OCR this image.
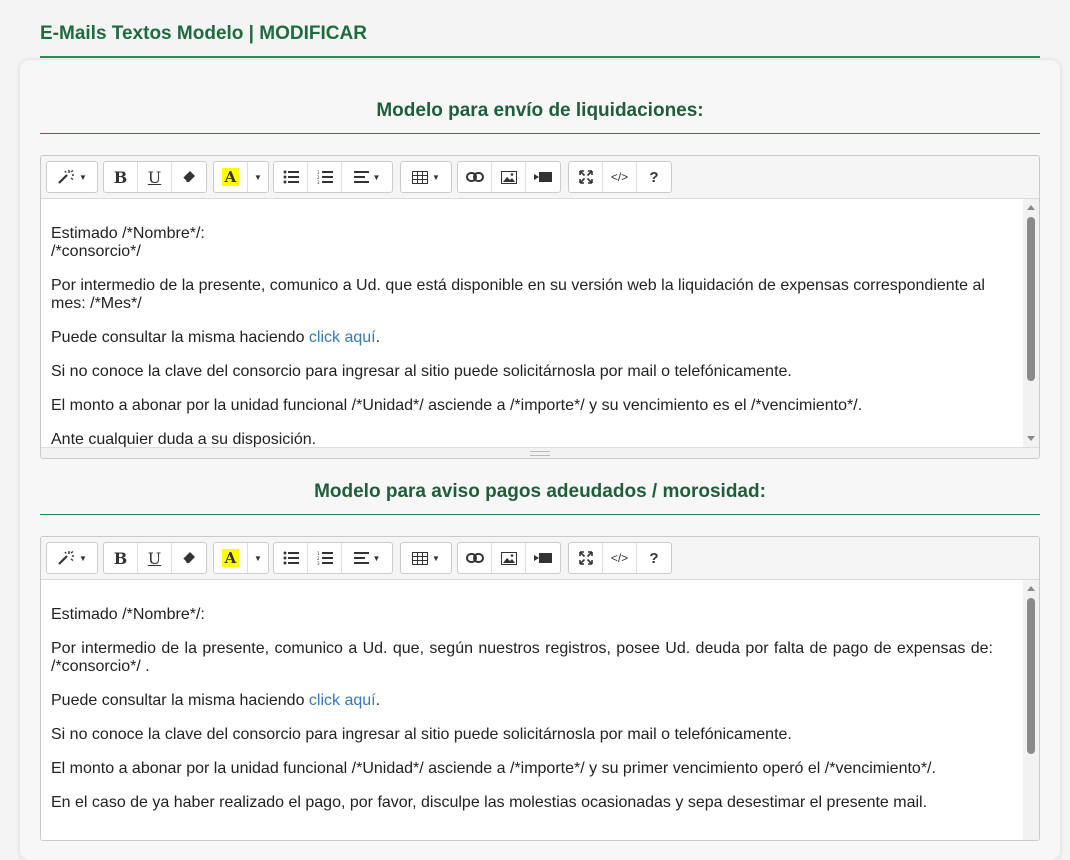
E-Mails Textos Modelo | MODIFICAR
Modelo para envío de liquidaciones:
▼ B U	A	▼	1
2
3
▼	▼	</> ?

Estimado /*Nombre*/:
/*consorcio*/

Por intermedio de la presente, comunico a Ud. que está disponible en su versión web la liquidación de expensas correspondiente al mes: /*Mes*/

Puede consultar la misma haciendo click aquí.

Si no conoce la clave del consorcio para ingresar al sitio puede solicitárnosla por mail o telefónicamente.

El monto a abonar por la unidad funcional /*Unidad*/ asciende a /*importe*/ y su vencimiento es el /*vencimiento*/.

Ante cualquier duda a su disposición.

Modelo para aviso pagos adeudados / morosidad:
▼ B U	A	▼	1
2
3
▼	▼	</> ?

Estimado /*Nombre*/:

Por intermedio de la presente, comunico a Ud. que, según nuestros registros, posee Ud. deuda por falta de pago de expensas de: /*consorcio*/ .

Puede consultar la misma haciendo click aquí.

Si no conoce la clave del consorcio para ingresar al sitio puede solicitárnosla por mail o telefónicamente.

El monto a abonar por la unidad funcional /*Unidad*/ asciende a /*importe*/ y su primer vencimiento operó el /*vencimiento*/.

En el caso de ya haber realizado el pago, por favor, disculpe las molestias ocasionadas y sepa desestimar el presente mail.
